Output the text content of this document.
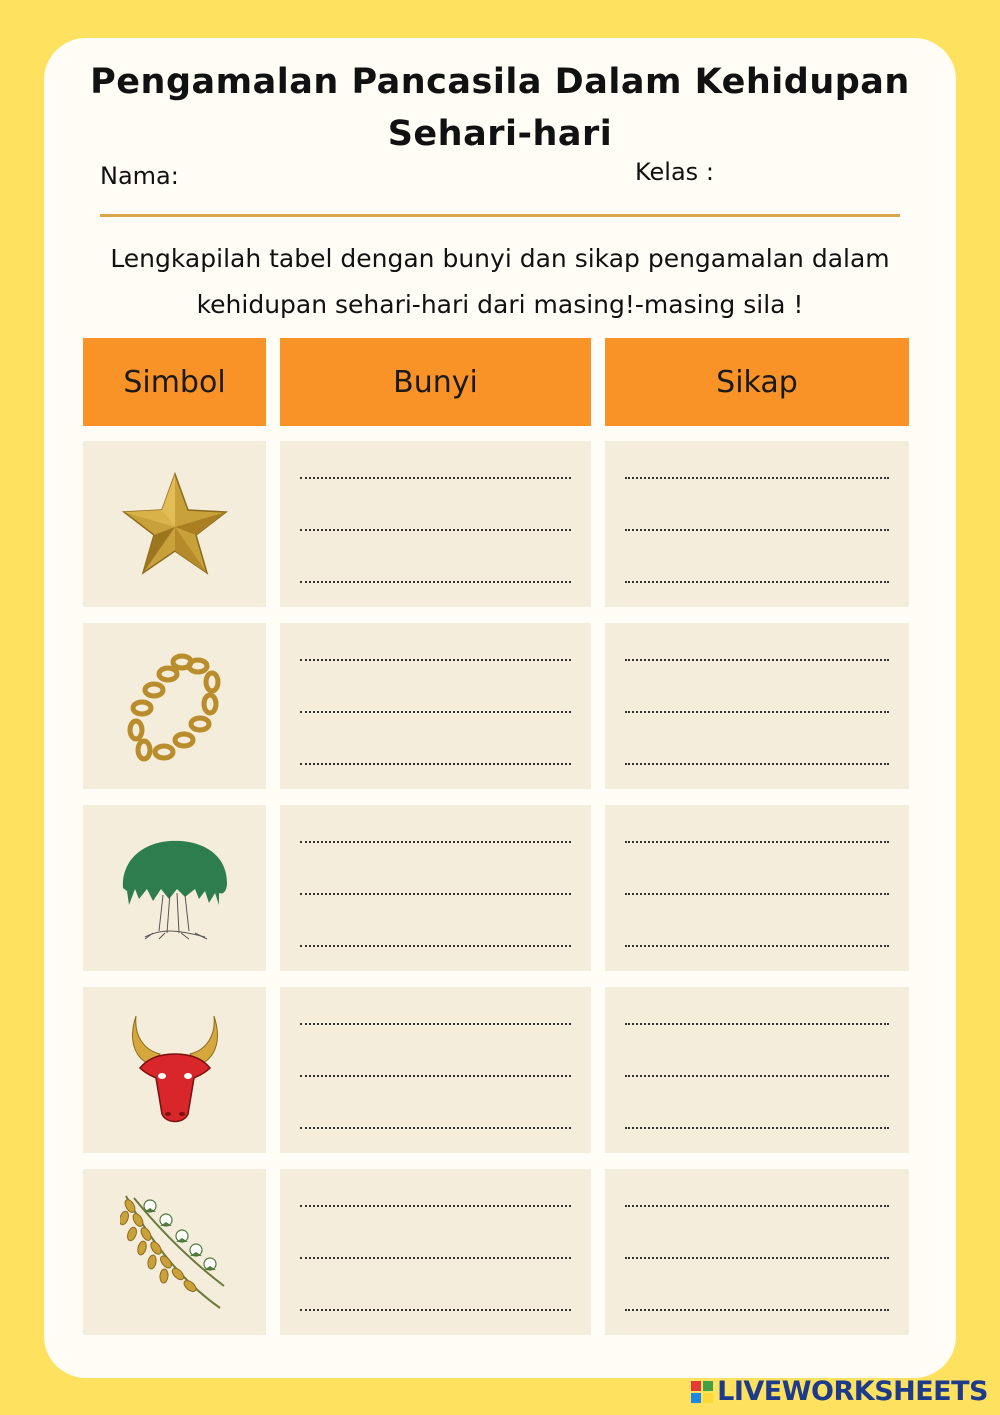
Pengamalan Pancasila Dalam Kehidupan
Sehari-hari
Nama:	Kelas :
Lengkapilah tabel dengan bunyi dan sikap pengamalan dalam
kehidupan sehari-hari dari masing!-masing sila !
Simbol	Bunyi	Sikap
LIVEWORKSHEETS
